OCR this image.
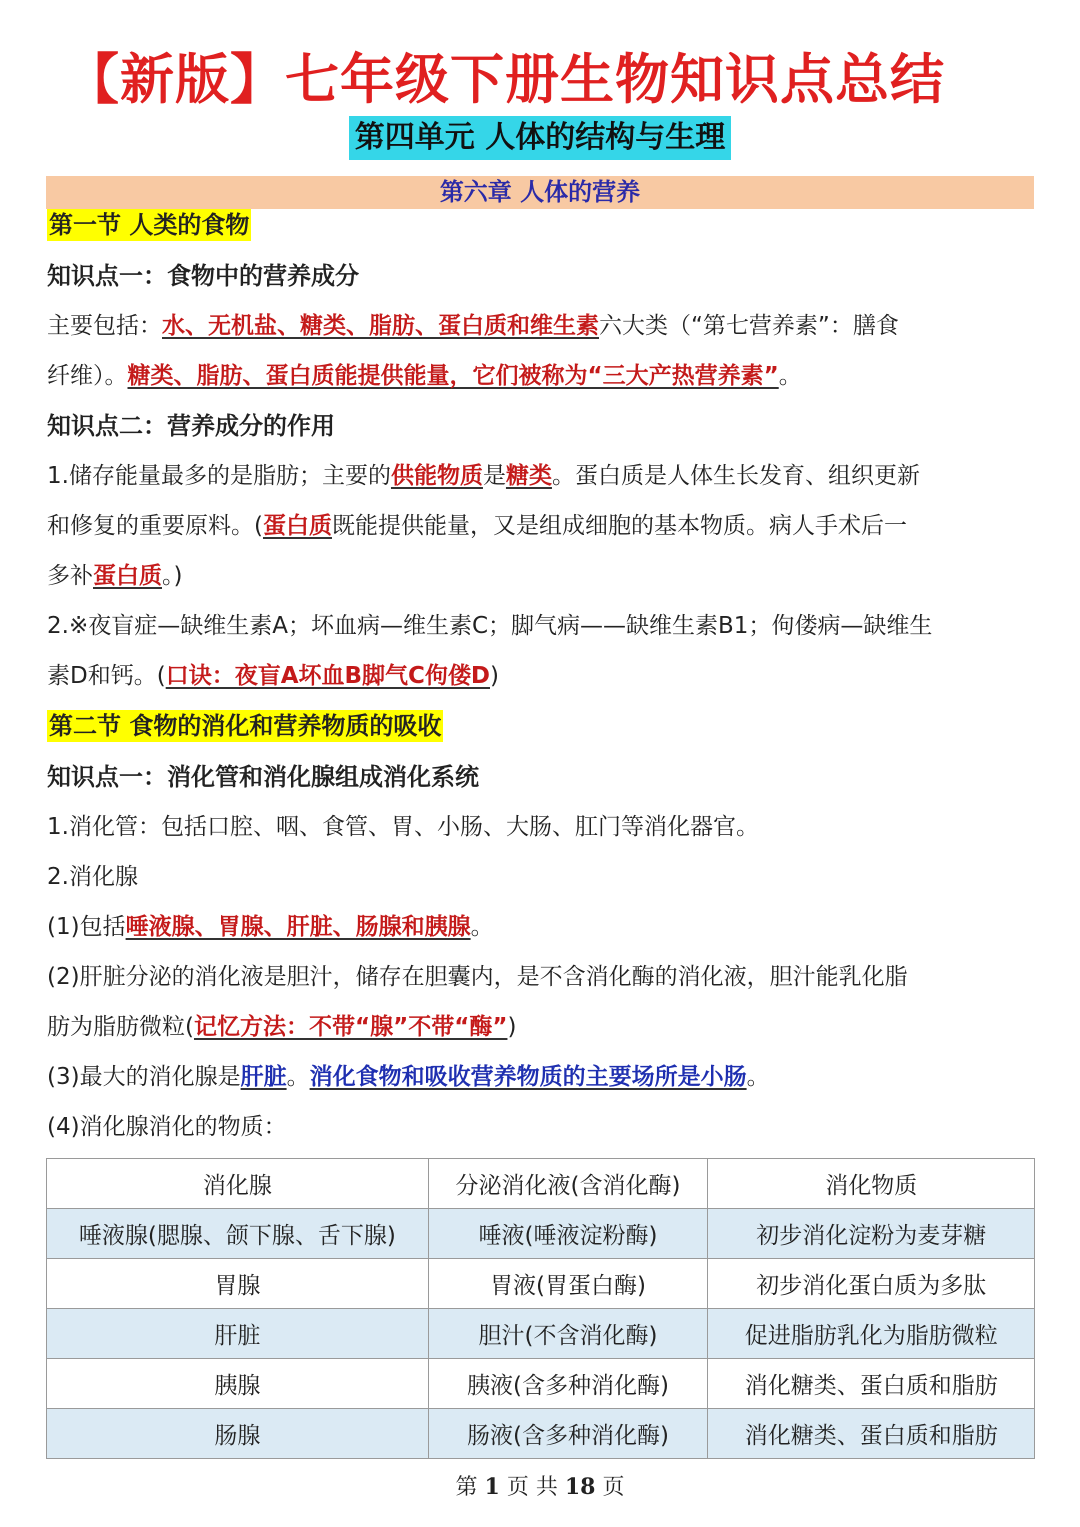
【新版】七年级下册生物知识点总结
第四单元 人体的结构与生理
第六章 人体的营养
第一节 人类的食物
知识点一：食物中的营养成分
主要包括：水、无机盐、糖类、脂肪、蛋白质和维生素六大类（“第七营养素”：膳食
纤维）。糖类、脂肪、蛋白质能提供能量，它们被称为“三大产热营养素”。
知识点二：营养成分的作用
1.储存能量最多的是脂肪；主要的供能物质是糖类。蛋白质是人体生长发育、组织更新
和修复的重要原料。(蛋白质既能提供能量，又是组成细胞的基本物质。病人手术后一
多补蛋白质。)
2.※夜盲症—缺维生素A；坏血病—维生素C；脚气病——缺维生素B1；佝偻病—缺维生
素D和钙。(口诀：夜盲A坏血B脚气C佝偻D)
第二节 食物的消化和营养物质的吸收
知识点一：消化管和消化腺组成消化系统
1.消化管：包括口腔、咽、食管、胃、小肠、大肠、肛门等消化器官。
2.消化腺
(1)包括唾液腺、胃腺、肝脏、肠腺和胰腺。
(2)肝脏分泌的消化液是胆汁，储存在胆囊内，是不含消化酶的消化液，胆汁能乳化脂
肪为脂肪微粒(记忆方法：不带“腺”不带“酶”)
(3)最大的消化腺是肝脏。消化食物和吸收营养物质的主要场所是小肠。
(4)消化腺消化的物质：
消化腺	分泌消化液(含消化酶)	消化物质
唾液腺(腮腺、颌下腺、舌下腺)	唾液(唾液淀粉酶)	初步消化淀粉为麦芽糖
胃腺	胃液(胃蛋白酶)	初步消化蛋白质为多肽
肝脏	胆汁(不含消化酶)	促进脂肪乳化为脂肪微粒
胰腺	胰液(含多种消化酶)	消化糖类、蛋白质和脂肪
肠腺	肠液(含多种消化酶)	消化糖类、蛋白质和脂肪
第 1 页 共 18 页
